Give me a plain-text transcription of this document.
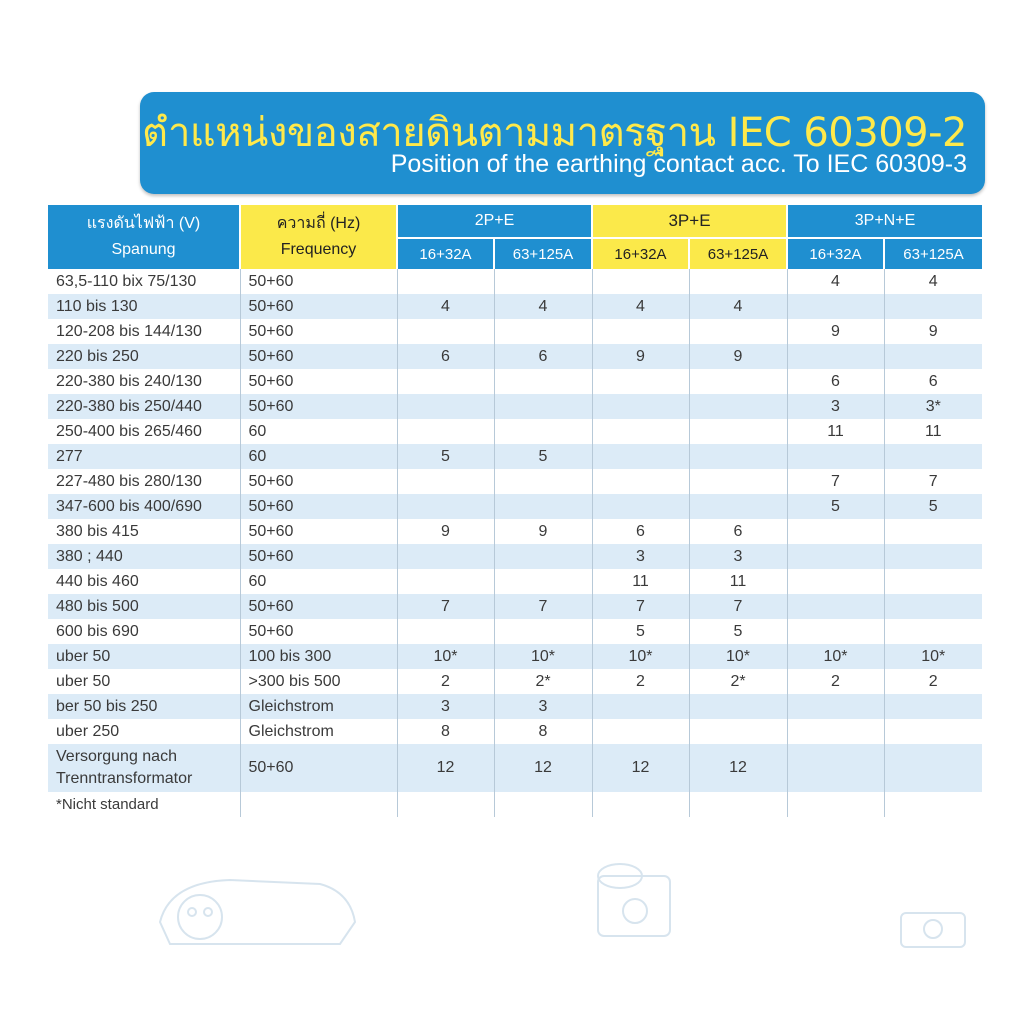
ตำแหน่งของสายดินตามมาตรฐาน IEC 60309-2
Position of the earthing contact acc. To IEC 60309-3
แรงดันไฟฟ้า (V)
Spanung	ความถี่ (Hz)
Frequency	2P+E		3P+E		3P+N+E	
		16+32A	63+125A	16+32A	63+125A	16+32A	63+125A
63,5-110 bix 75/130	50+60					4	4
110 bis 130	50+60	4	4	4	4		
120-208 bis 144/130	50+60					9	9
220 bis 250	50+60	6	6	9	9		
220-380 bis 240/130	50+60					6	6
220-380 bis 250/440	50+60					3	3*
250-400 bis 265/460	60					11	11
277	60	5	5				
227-480 bis 280/130	50+60					7	7
347-600 bis 400/690	50+60					5	5
380 bis 415	50+60	9	9	6	6		
380 ; 440	50+60			3	3		
440 bis 460	60			11	11		
480 bis 500	50+60	7	7	7	7		
600 bis 690	50+60			5	5		
uber 50	100 bis 300	10*	10*	10*	10*	10*	10*
uber 50	>300 bis 500	2	2*	2	2*	2	2
ber 50 bis 250	Gleichstrom	3	3				
uber 250	Gleichstrom	8	8				
Versorgung nach
Trenntransformator	50+60	12	12	12	12		
*Nicht standard							
